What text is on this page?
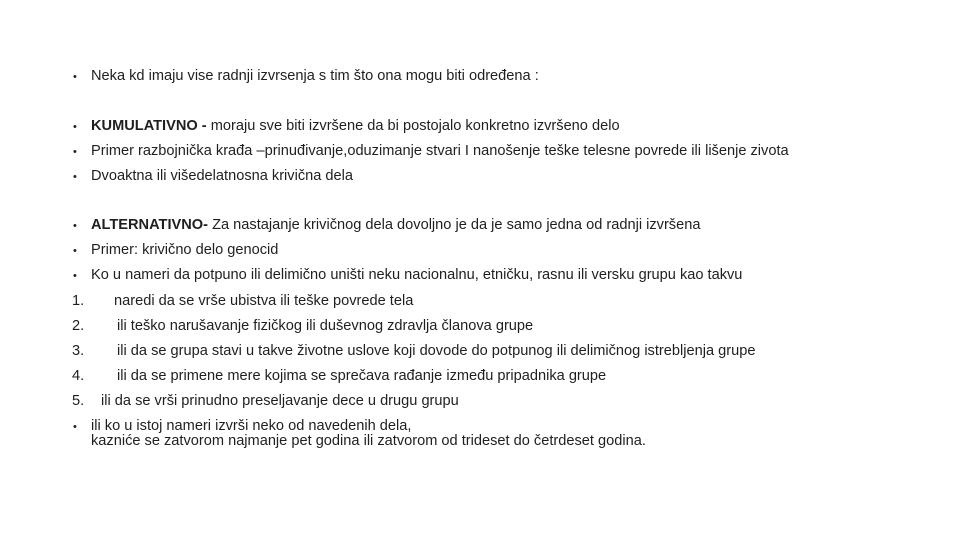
• Neka kd imaju vise radnji izvrsenja s tim što ona mogu biti određena :
• KUMULATIVNO - moraju sve biti izvršene da bi postojalo konkretno izvršeno delo
• Primer razbojnička krađa –prinuđivanje,oduzimanje stvari I nanošenje teške telesne povrede ili lišenje zivota
• Dvoaktna ili višedelatnosna krivična dela
• ALTERNATIVNO- Za nastajanje krivičnog dela dovoljno je da je samo jedna od radnji izvršena
• Primer: krivično delo genocid
• Ko u nameri da potpuno ili delimično uništi neku nacionalnu, etničku, rasnu ili versku grupu kao takvu
1.	naredi da se vrše ubistva ili teške povrede tela
2.	ili teško narušavanje fizičkog ili duševnog zdravlja članova grupe
3.	ili da se grupa stavi u takve životne uslove koji dovode do potpunog ili delimičnog istrebljenja grupe
4.	ili da se primene mere kojima se sprečava rađanje između pripadnika grupe
5.	ili da se vrši prinudno preseljavanje dece u drugu grupu
• ili ko u istoj nameri izvrši neko od navedenih dela,
kazniće se zatvorom najmanje pet godina ili zatvorom od trideset do četrdeset godina.
